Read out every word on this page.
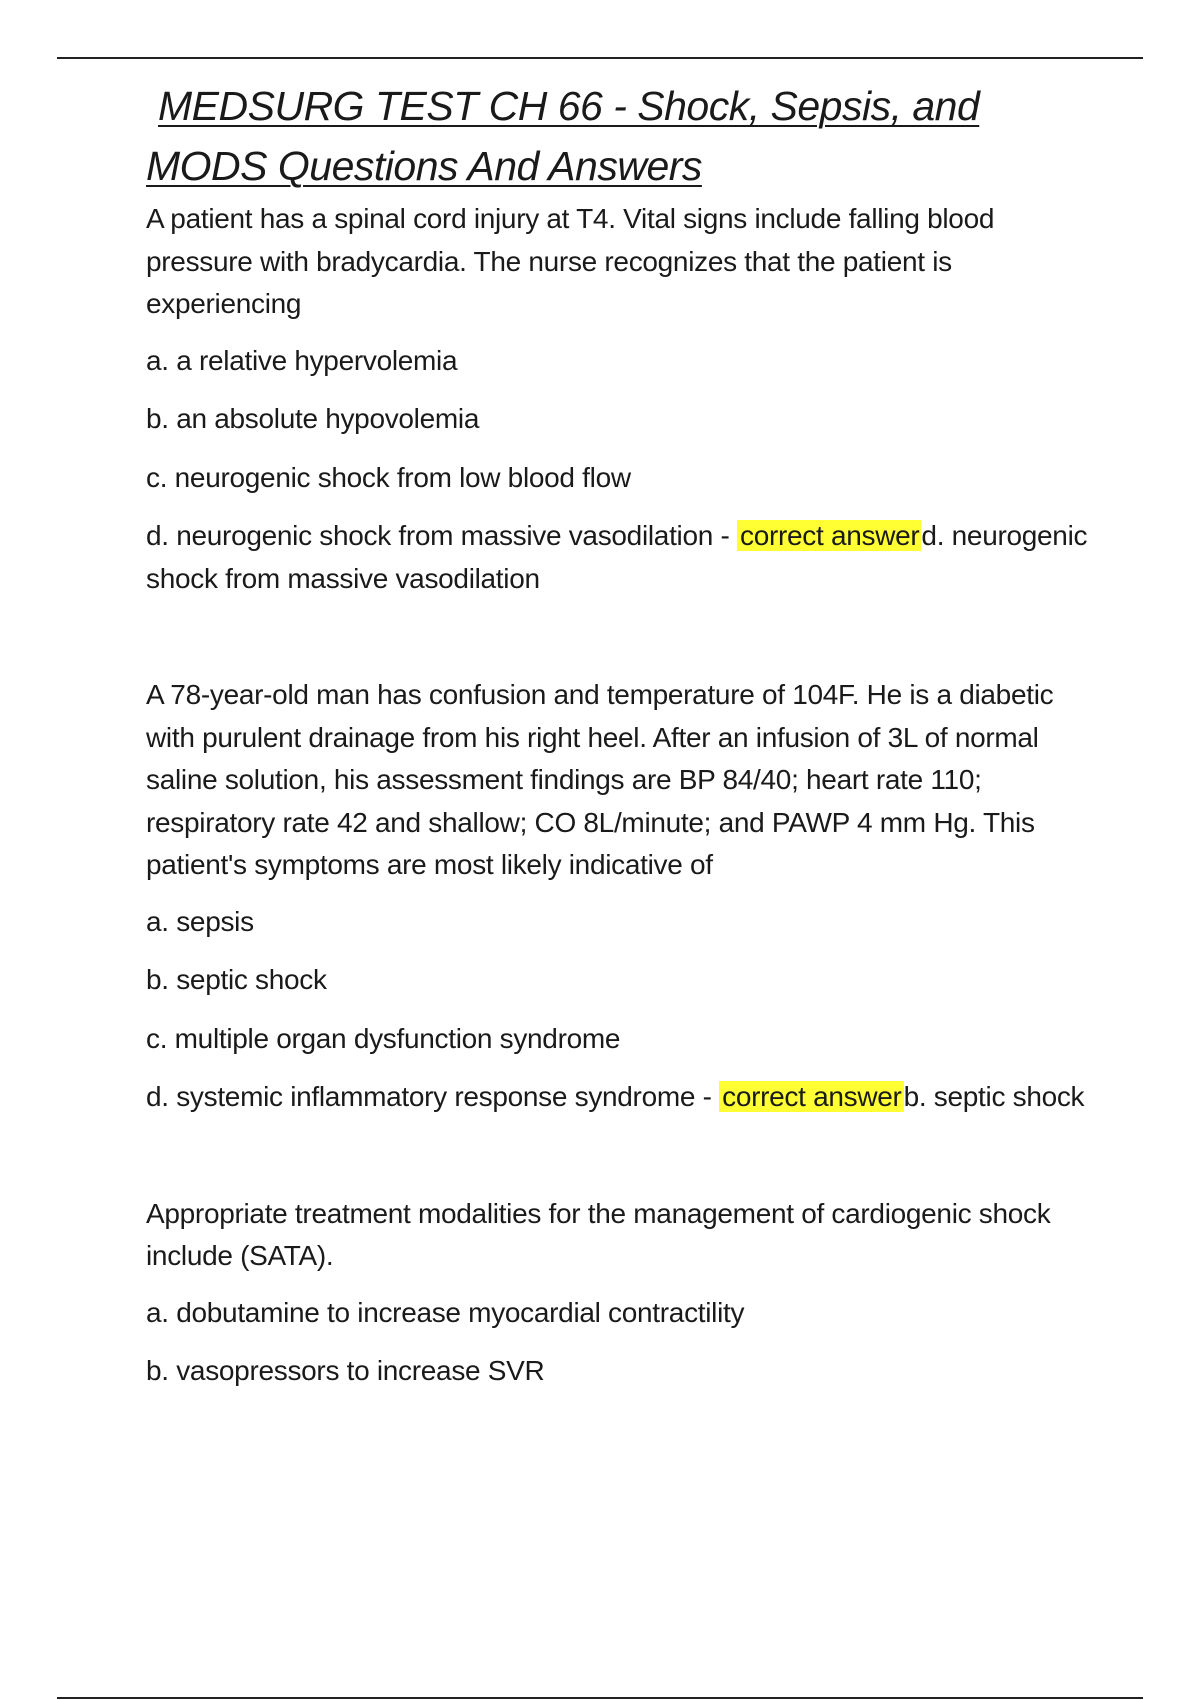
MEDSURG TEST CH 66 - Shock, Sepsis, and
MODS Questions And Answers

A patient has a spinal cord injury at T4. Vital signs include falling blood pressure with bradycardia. The nurse recognizes that the patient is experiencing

a. a relative hypervolemia

b. an absolute hypovolemia

c. neurogenic shock from low blood flow

d. neurogenic shock from massive vasodilation - correct answerd. neurogenic shock from massive vasodilation

A 78-year-old man has confusion and temperature of 104F. He is a diabetic with purulent drainage from his right heel. After an infusion of 3L of normal saline solution, his assessment findings are BP 84/40; heart rate 110; respiratory rate 42 and shallow; CO 8L/minute; and PAWP 4 mm Hg. This patient's symptoms are most likely indicative of

a. sepsis

b. septic shock

c. multiple organ dysfunction syndrome

d. systemic inflammatory response syndrome - correct answerb. septic shock

Appropriate treatment modalities for the management of cardiogenic shock include (SATA).

a. dobutamine to increase myocardial contractility

b. vasopressors to increase SVR
